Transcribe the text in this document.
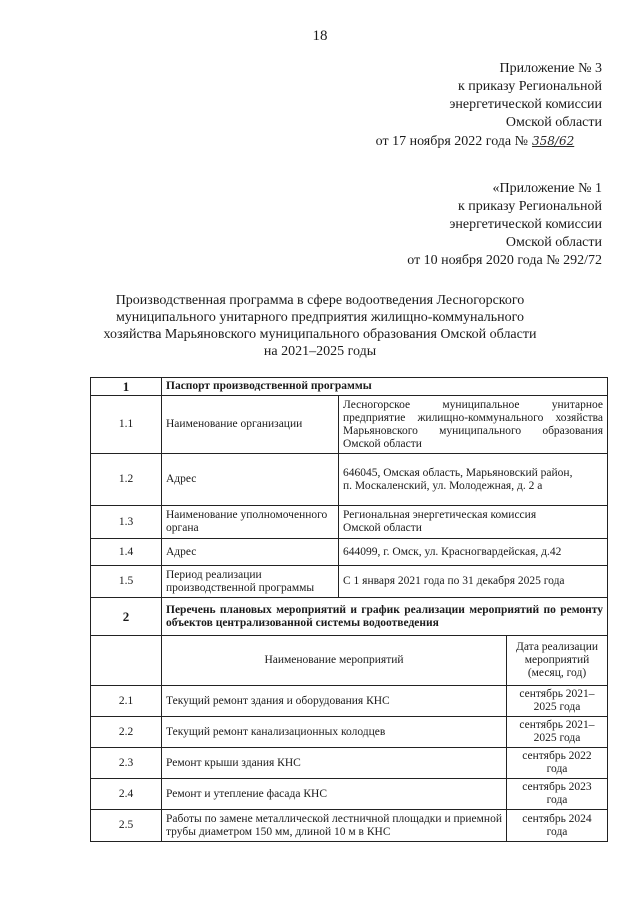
18
Приложение № 3
к приказу Региональной
энергетической комиссии
Омской области
от 17 ноября 2022 года № 358/62
«Приложение № 1
к приказу Региональной
энергетической комиссии
Омской области
от 10 ноября 2020 года № 292/72
Производственная программа в сфере водоотведения Лесногорского
муниципального унитарного предприятия жилищно-коммунального
хозяйства Марьяновского муниципального образования Омской области
на 2021–2025 годы
1	Паспорт производственной программы		
1.1	Наименование организации	Лесногорское муниципальное унитарное предприятие жилищно-коммунального хозяйства Марьяновского муниципального образования Омской области	
1.2	Адрес	646045, Омская область, Марьяновский район, п. Москаленский, ул. Молодежная, д. 2 а	
1.3	Наименование уполномоченного органа	Региональная энергетическая комиссия Омской области	
1.4	Адрес	644099, г. Омск, ул. Красногвардейская, д.42	
1.5	Период реализации производственной программы	С 1 января 2021 года по 31 декабря 2025 года	
2	Перечень плановых мероприятий и график реализации мероприятий по ремонту объектов централизованной системы водоотведения		
	Наименование мероприятий		Дата реализации мероприятий (месяц, год)
2.1	Текущий ремонт здания и оборудования КНС		сентябрь 2021–2025 года
2.2	Текущий ремонт канализационных колодцев		сентябрь 2021–2025 года
2.3	Ремонт крыши здания КНС		сентябрь 2022 года
2.4	Ремонт и утепление фасада КНС		сентябрь 2023 года
2.5	Работы по замене металлической лестничной площадки и приемной трубы диаметром 150 мм, длиной 10 м в КНС		сентябрь 2024 года
